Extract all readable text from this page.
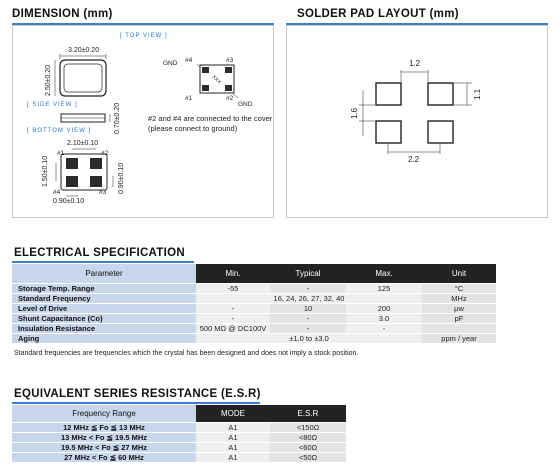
DIMENSION (mm)
XXX
[ TOP VIEW ]
3.20±0.20
2.50±0.20
[ SIDE VIEW ]	0.70±0.20
[ BOTTOM VIEW ]
2.10±0.10
1.50±0.10
0.90±0.10
0.90±0.10
#1	#2
#4	#3
GND #4	#3
#1	#2
GND
#2 and #4 are connected to the cover
(please connect to ground)
SOLDER PAD LAYOUT (mm)
1.2
1.1
1.6
2.2
ELECTRICAL SPECIFICATION
Parameter	Min.	Typical	Max.	Unit
Storage Temp. Range	-55	-	125	°C
Standard Frequency	16, 24, 26, 27, 32, 40			MHz
Level of Drive	-	10	200	μw
Shunt Capacitance (Co)	-	-	3.0	pF
Insulation Resistance	500 MΩ @ DC100V	-	-	
Aging	±1.0 to ±3.0			ppm / year
Standard frequencies are frequencies which the crystal has been designed and does not imply a stock position.
EQUIVALENT SERIES RESISTANCE (E.S.R)
Frequency Range	MODE	E.S.R
12 MHz ≦ Fo ≦ 13 MHz	A1	<150Ω
13 MHz < Fo ≦ 19.5 MHz	A1	<80Ω
19.5 MHz < Fo ≦ 27 MHz	A1	<60Ω
27 MHz < Fo ≦ 60 MHz	A1	<50Ω
